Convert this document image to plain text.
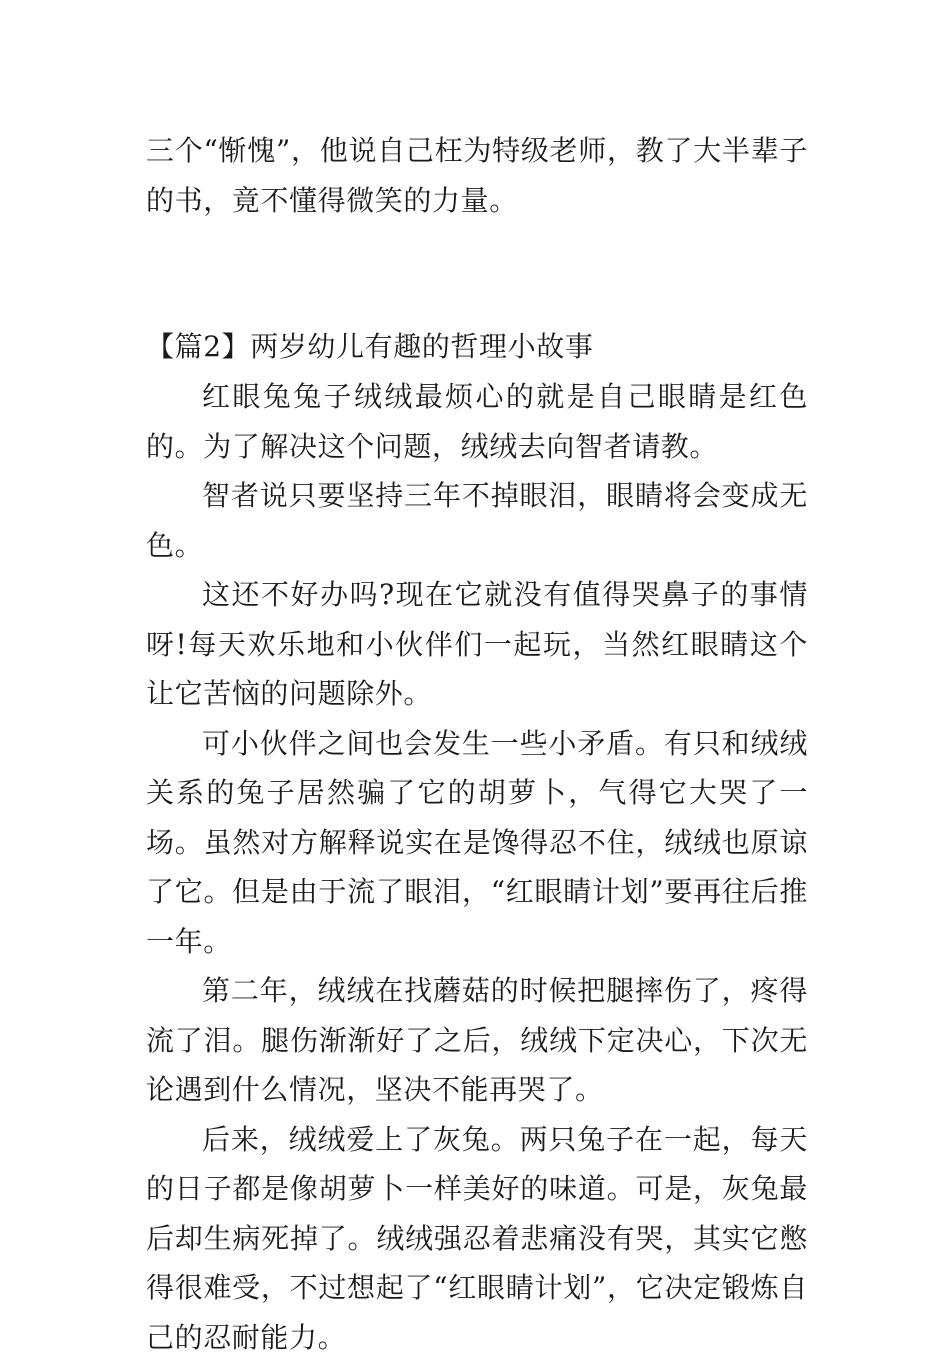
三个“惭愧”，他说自己枉为特级老师，教了大半辈子的书，竟不懂得微笑的力量。

【篇2】两岁幼儿有趣的哲理小故事

红眼兔兔子绒绒最烦心的就是自己眼睛是红色的。为了解决这个问题，绒绒去向智者请教。

智者说只要坚持三年不掉眼泪，眼睛将会变成无色。

这还不好办吗?现在它就没有值得哭鼻子的事情呀!每天欢乐地和小伙伴们一起玩，当然红眼睛这个让它苦恼的问题除外。

可小伙伴之间也会发生一些小矛盾。有只和绒绒关系的兔子居然骗了它的胡萝卜，气得它大哭了一场。虽然对方解释说实在是馋得忍不住，绒绒也原谅了它。但是由于流了眼泪，“红眼睛计划”要再往后推一年。

第二年，绒绒在找蘑菇的时候把腿摔伤了，疼得流了泪。腿伤渐渐好了之后，绒绒下定决心，下次无论遇到什么情况，坚决不能再哭了。

后来，绒绒爱上了灰兔。两只兔子在一起，每天的日子都是像胡萝卜一样美好的味道。可是，灰兔最后却生病死掉了。绒绒强忍着悲痛没有哭，其实它憋得很难受，不过想起了“红眼睛计划”，它决定锻炼自己的忍耐能力。
